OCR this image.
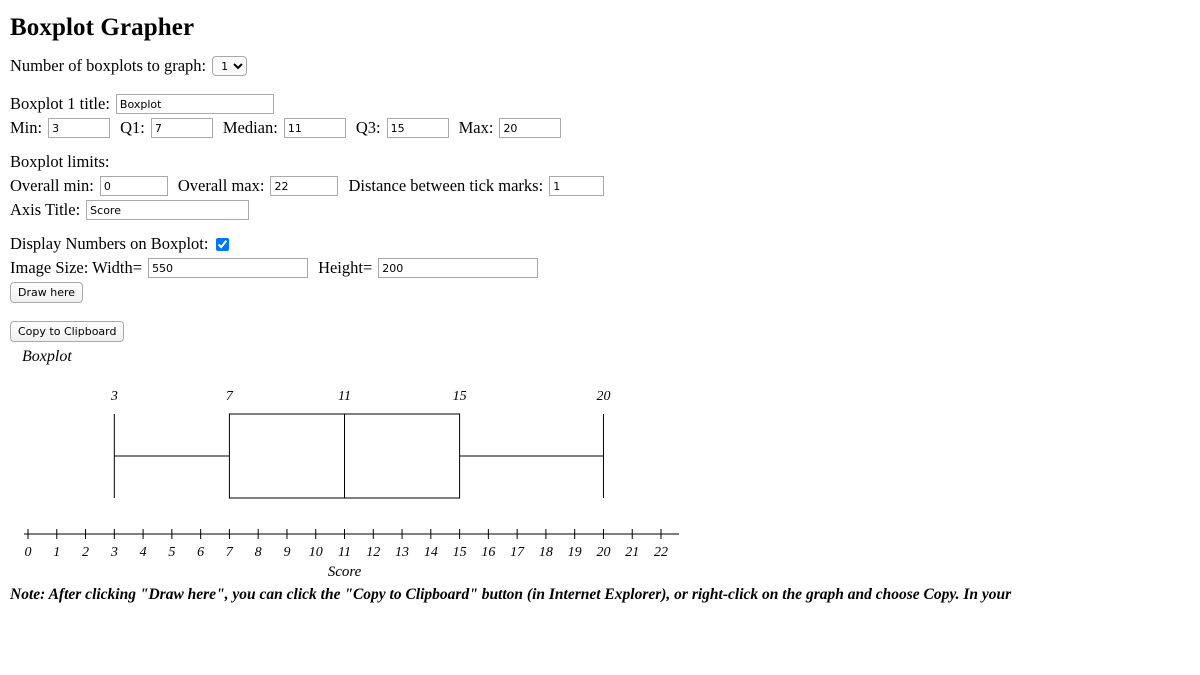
Boxplot Grapher
Number of boxplots to graph:
1
Boxplot 1 title:
Boxplot
Min:
3	Q1:
7	Median:
11	Q3:
15	Max:
20
Boxplot limits:
Overall min:
0	Overall max:
22	Distance between tick marks:
1
Axis Title:
Score
Display Numbers on Boxplot:
Image Size: Width=
550	Height=
200
Draw here
Copy to Clipboard
Boxplot
3	7	11	15	20
0 1 2 3 4 5 6 7 8 9 10 11 12 13 14 15 16 17 18 19 20 21 22
Score
Note: After clicking "Draw here", you can click the "Copy to Clipboard" button (in Internet Explorer), or right-click on the graph and choose Copy. In your
